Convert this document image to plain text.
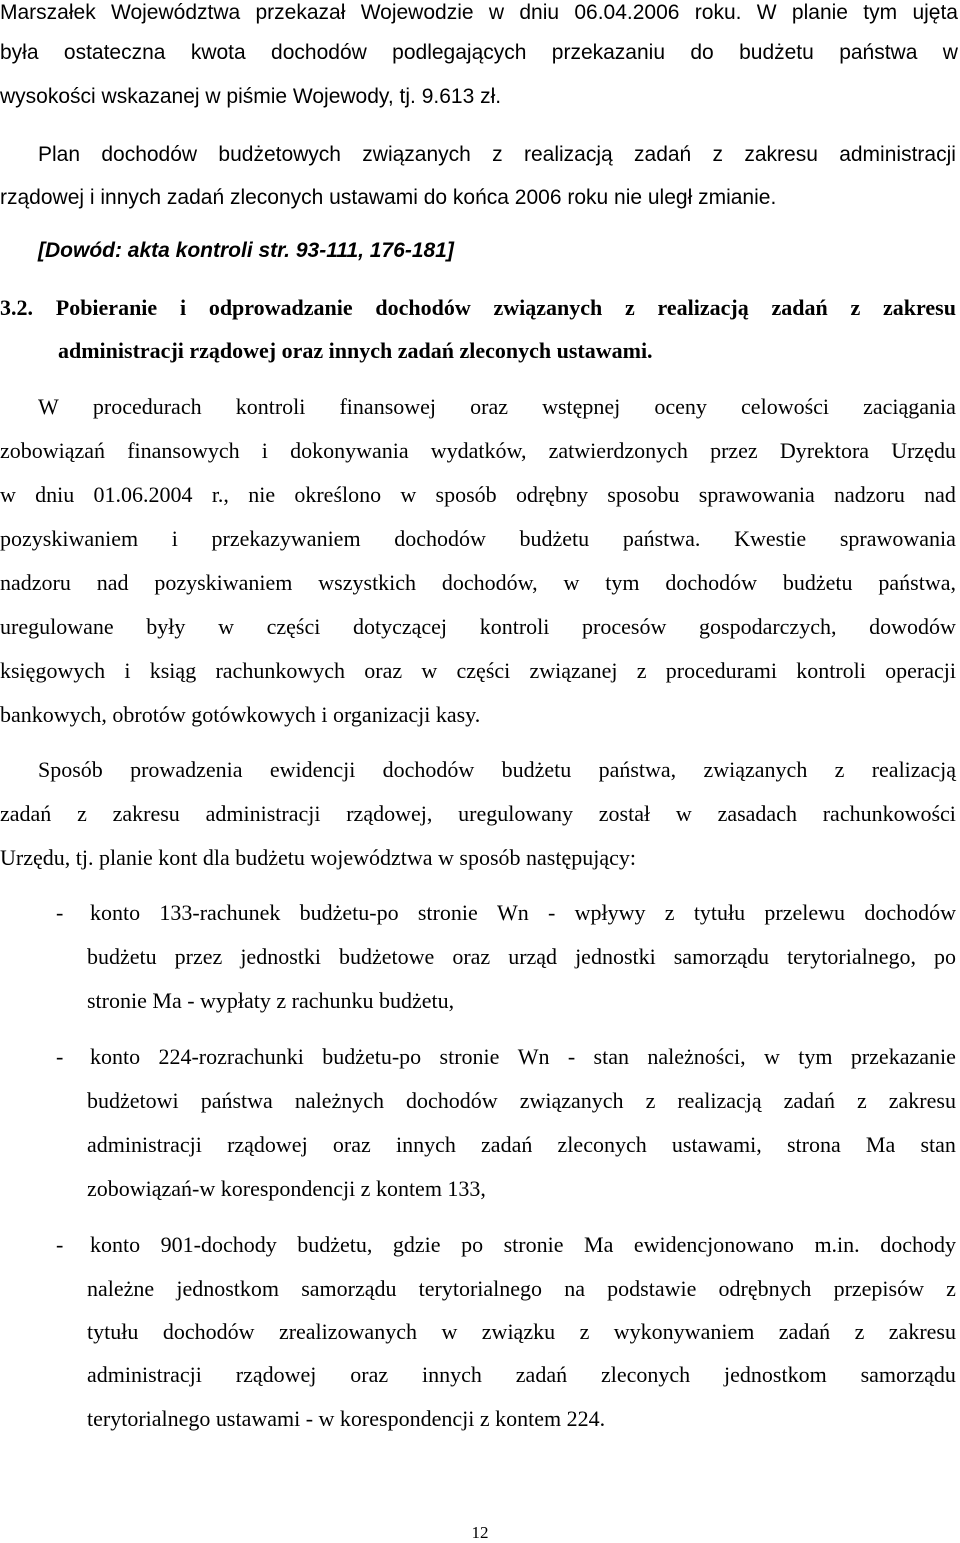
Marszałek Województwa przekazał Wojewodzie w dniu 06.04.2006 roku. W planie tym ujęta
była ostateczna kwota dochodów podlegających przekazaniu do budżetu państwa w
wysokości wskazanej w piśmie Wojewody, tj. 9.613 zł.
Plan dochodów budżetowych związanych z realizacją zadań z zakresu administracji
rządowej i innych zadań zleconych ustawami do końca 2006 roku nie uległ zmianie.
[Dowód: akta kontroli str. 93-111, 176-181]
3.2. Pobieranie i odprowadzanie dochodów związanych z realizacją zadań z zakresu
administracji rządowej oraz innych zadań zleconych ustawami.
W procedurach kontroli finansowej oraz wstępnej oceny celowości zaciągania
zobowiązań finansowych i dokonywania wydatków, zatwierdzonych przez Dyrektora Urzędu
w dniu 01.06.2004 r., nie określono w sposób odrębny sposobu sprawowania nadzoru nad
pozyskiwaniem i przekazywaniem dochodów budżetu państwa. Kwestie sprawowania
nadzoru nad pozyskiwaniem wszystkich dochodów, w tym dochodów budżetu państwa,
uregulowane były w części dotyczącej kontroli procesów gospodarczych, dowodów
księgowych i ksiąg rachunkowych oraz w części związanej z procedurami kontroli operacji
bankowych, obrotów gotówkowych i organizacji kasy.
Sposób prowadzenia ewidencji dochodów budżetu państwa, związanych z realizacją
zadań z zakresu administracji rządowej, uregulowany został w zasadach rachunkowości
Urzędu, tj. planie kont dla budżetu województwa w sposób następujący:
- konto 133-rachunek budżetu-po stronie Wn - wpływy z tytułu przelewu dochodów
budżetu przez jednostki budżetowe oraz urząd jednostki samorządu terytorialnego, po
stronie Ma - wypłaty z rachunku budżetu,
- konto 224-rozrachunki budżetu-po stronie Wn - stan należności, w tym przekazanie
budżetowi państwa należnych dochodów związanych z realizacją zadań z zakresu
administracji rządowej oraz innych zadań zleconych ustawami, strona Ma stan
zobowiązań-w korespondencji z kontem 133,
- konto 901-dochody budżetu, gdzie po stronie Ma ewidencjonowano m.in. dochody
należne jednostkom samorządu terytorialnego na podstawie odrębnych przepisów z
tytułu dochodów zrealizowanych w związku z wykonywaniem zadań z zakresu
administracji rządowej oraz innych zadań zleconych jednostkom samorządu
terytorialnego ustawami - w korespondencji z kontem 224.
12
